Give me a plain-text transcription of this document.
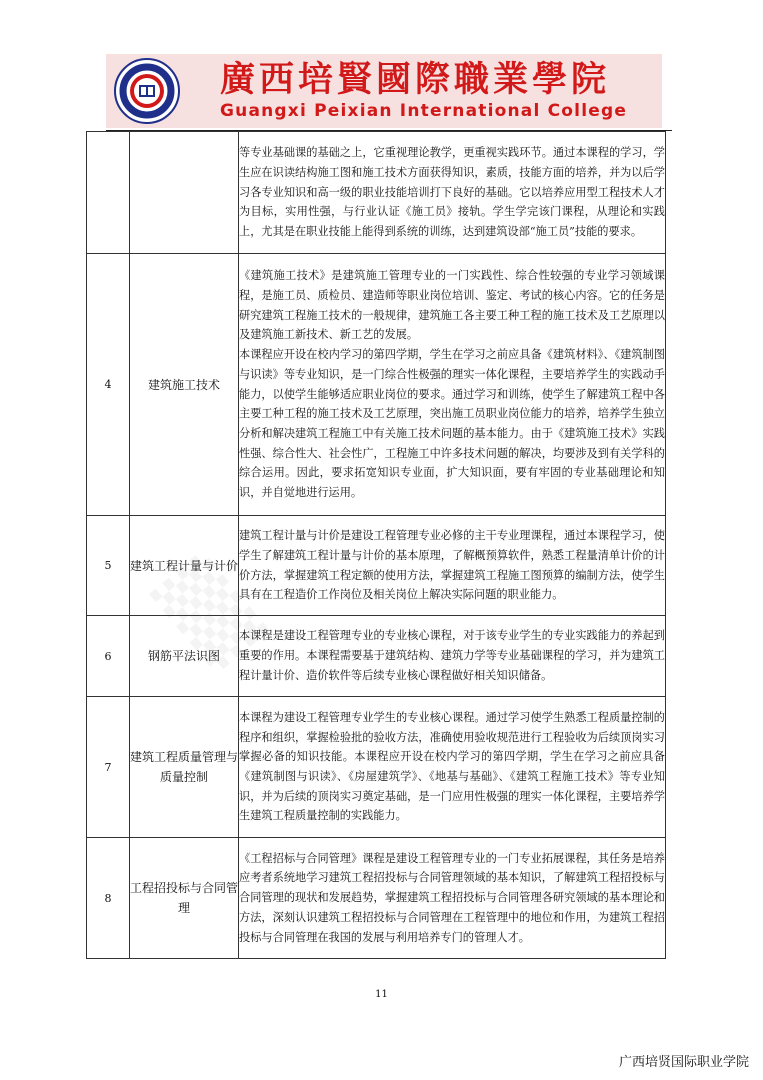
廣西培賢國際職業學院
Guangxi Peixian International College
		等专业基础课的基础之上，它重视理论教学，更重视实践环节。通过本课程的学习，学生应在识读结构施工图和施工技术方面获得知识，素质，技能方面的培养，并为以后学习各专业知识和高一级的职业技能培训打下良好的基础。它以培养应用型工程技术人才为目标，实用性强，与行业认证《施工员》接轨。学生学完该门课程，从理论和实践上，尤其是在职业技能上能得到系统的训练，达到建筑设部“施工员”技能的要求。
4	建筑施工技术	《建筑施工技术》是建筑施工管理专业的一门实践性、综合性较强的专业学习领域课程，是施工员、质检员、建造师等职业岗位培训、鉴定、考试的核心内容。它的任务是研究建筑工程施工技术的一般规律，建筑施工各主要工种工程的施工技术及工艺原理以及建筑施工新技术、新工艺的发展。
本课程应开设在校内学习的第四学期，学生在学习之前应具备《建筑材料》、《建筑制图与识读》等专业知识，是一门综合性极强的理实一体化课程，主要培养学生的实践动手能力，以使学生能够适应职业岗位的要求。通过学习和训练，使学生了解建筑工程中各主要工种工程的施工技术及工艺原理，突出施工员职业岗位能力的培养，培养学生独立分析和解决建筑工程施工中有关施工技术问题的基本能力。由于《建筑施工技术》实践性强、综合性大、社会性广，工程施工中许多技术问题的解决，均要涉及到有关学科的综合运用。因此，要求拓宽知识专业面，扩大知识面，要有牢固的专业基础理论和知识，并自觉地进行运用。

5	建筑工程计量与计价	建筑工程计量与计价是建设工程管理专业必修的主干专业理课程，通过本课程学习，使学生了解建筑工程计量与计价的基本原理，了解概预算软件，熟悉工程量清单计价的计价方法，掌握建筑工程定额的使用方法，掌握建筑工程施工图预算的编制方法，使学生具有在工程造价工作岗位及相关岗位上解决实际问题的职业能力。
6	钢筋平法识图	本课程是建设工程管理专业的专业核心课程，对于该专业学生的专业实践能力的养起到重要的作用。本课程需要基于建筑结构、建筑力学等专业基础课程的学习，并为建筑工程计量计价、造价软件等后续专业核心课程做好相关知识储备。
7	建筑工程质量管理与质量控制	本课程为建设工程管理专业学生的专业核心课程。通过学习使学生熟悉工程质量控制的程序和组织，掌握检验批的验收方法，准确使用验收规范进行工程验收为后续顶岗实习掌握必备的知识技能。本课程应开设在校内学习的第四学期，学生在学习之前应具备《建筑制图与识读》、《房屋建筑学》、《地基与基础》、《建筑工程施工技术》等专业知识，并为后续的顶岗实习奠定基础，是一门应用性极强的理实一体化课程，主要培养学生建筑工程质量控制的实践能力。
8	工程招投标与合同管理	《工程招标与合同管理》课程是建设工程管理专业的一门专业拓展课程，其任务是培养应考者系统地学习建筑工程招投标与合同管理领域的基本知识，了解建筑工程招投标与合同管理的现状和发展趋势，掌握建筑工程招投标与合同管理各研究领域的基本理论和方法，深刻认识建筑工程招投标与合同管理在工程管理中的地位和作用，为建筑工程招投标与合同管理在我国的发展与利用培养专门的管理人才。
11
广西培贤国际职业学院
